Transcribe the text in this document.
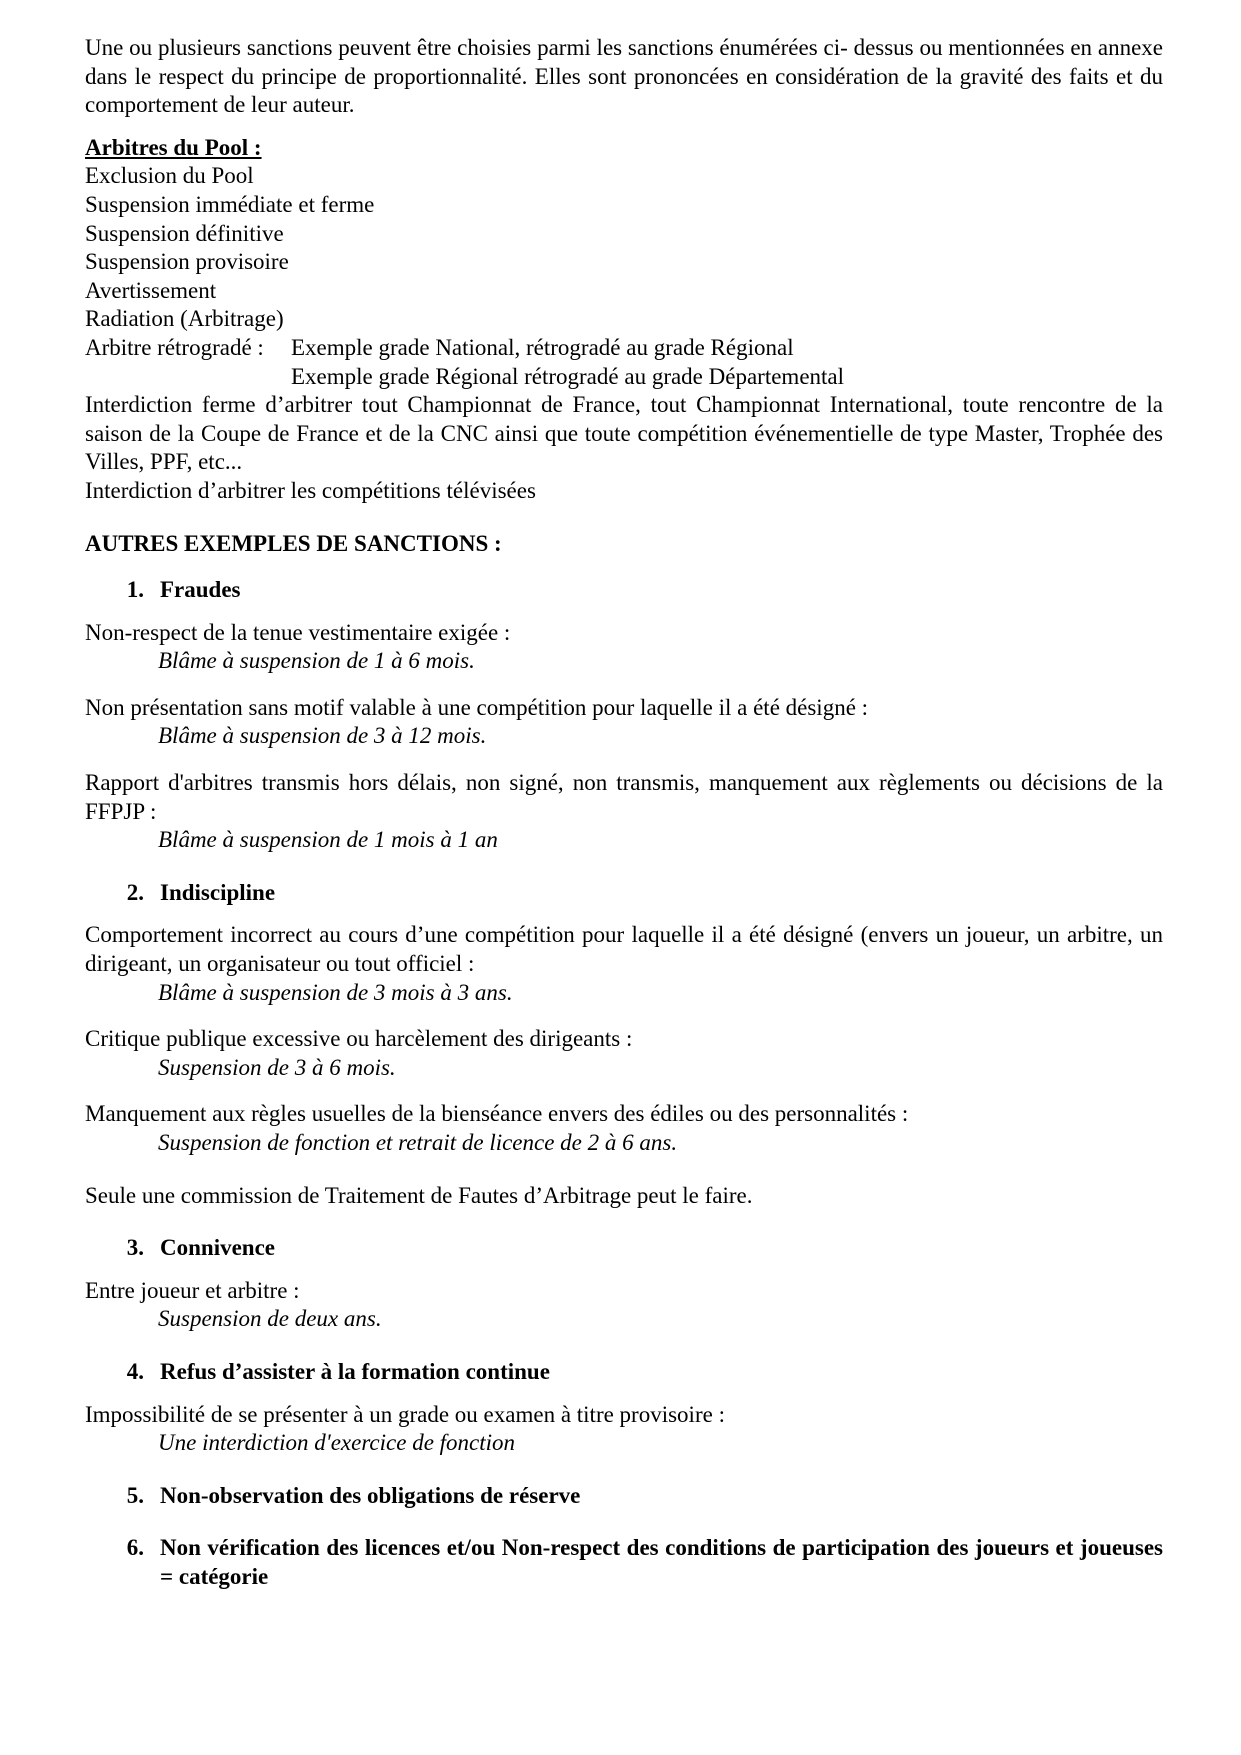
Une ou plusieurs sanctions peuvent être choisies parmi les sanctions énumérées ci- dessus ou mentionnées en annexe dans le respect du principe de proportionnalité. Elles sont prononcées en considération de la gravité des faits et du comportement de leur auteur.

Arbitres du Pool :

Exclusion du Pool

Suspension immédiate et ferme

Suspension définitive

Suspension provisoire

Avertissement

Radiation (Arbitrage)

Arbitre rétrogradé :	Exemple grade National, rétrogradé au grade Régional
Exemple grade Régional rétrogradé au grade Départemental

Interdiction ferme d’arbitrer tout Championnat de France, tout Championnat International, toute rencontre de la saison de la Coupe de France et de la CNC ainsi que toute compétition événementielle de type Master, Trophée des Villes, PPF, etc...

Interdiction d’arbitrer les compétitions télévisées

AUTRES EXEMPLES DE SANCTIONS :

1. Fraudes

Non-respect de la tenue vestimentaire exigée :

Blâme à suspension de 1 à 6 mois.

Non présentation sans motif valable à une compétition pour laquelle il a été désigné :

Blâme à suspension de 3 à 12 mois.

Rapport d'arbitres transmis hors délais, non signé, non transmis, manquement aux règlements ou décisions de la FFPJP :

Blâme à suspension de 1 mois à 1 an

2. Indiscipline

Comportement incorrect au cours d’une compétition pour laquelle il a été désigné (envers un joueur, un arbitre, un dirigeant, un organisateur ou tout officiel :

Blâme à suspension de 3 mois à 3 ans.

Critique publique excessive ou harcèlement des dirigeants :

Suspension de 3 à 6 mois.

Manquement aux règles usuelles de la bienséance envers des édiles ou des personnalités :

Suspension de fonction et retrait de licence de 2 à 6 ans.

Seule une commission de Traitement de Fautes d’Arbitrage peut le faire.

3. Connivence

Entre joueur et arbitre :

Suspension de deux ans.

4. Refus d’assister à la formation continue

Impossibilité de se présenter à un grade ou examen à titre provisoire :

Une interdiction d'exercice de fonction

5. Non-observation des obligations de réserve
6. Non vérification des licences et/ou Non-respect des conditions de participation des joueurs et joueuses = catégorie
